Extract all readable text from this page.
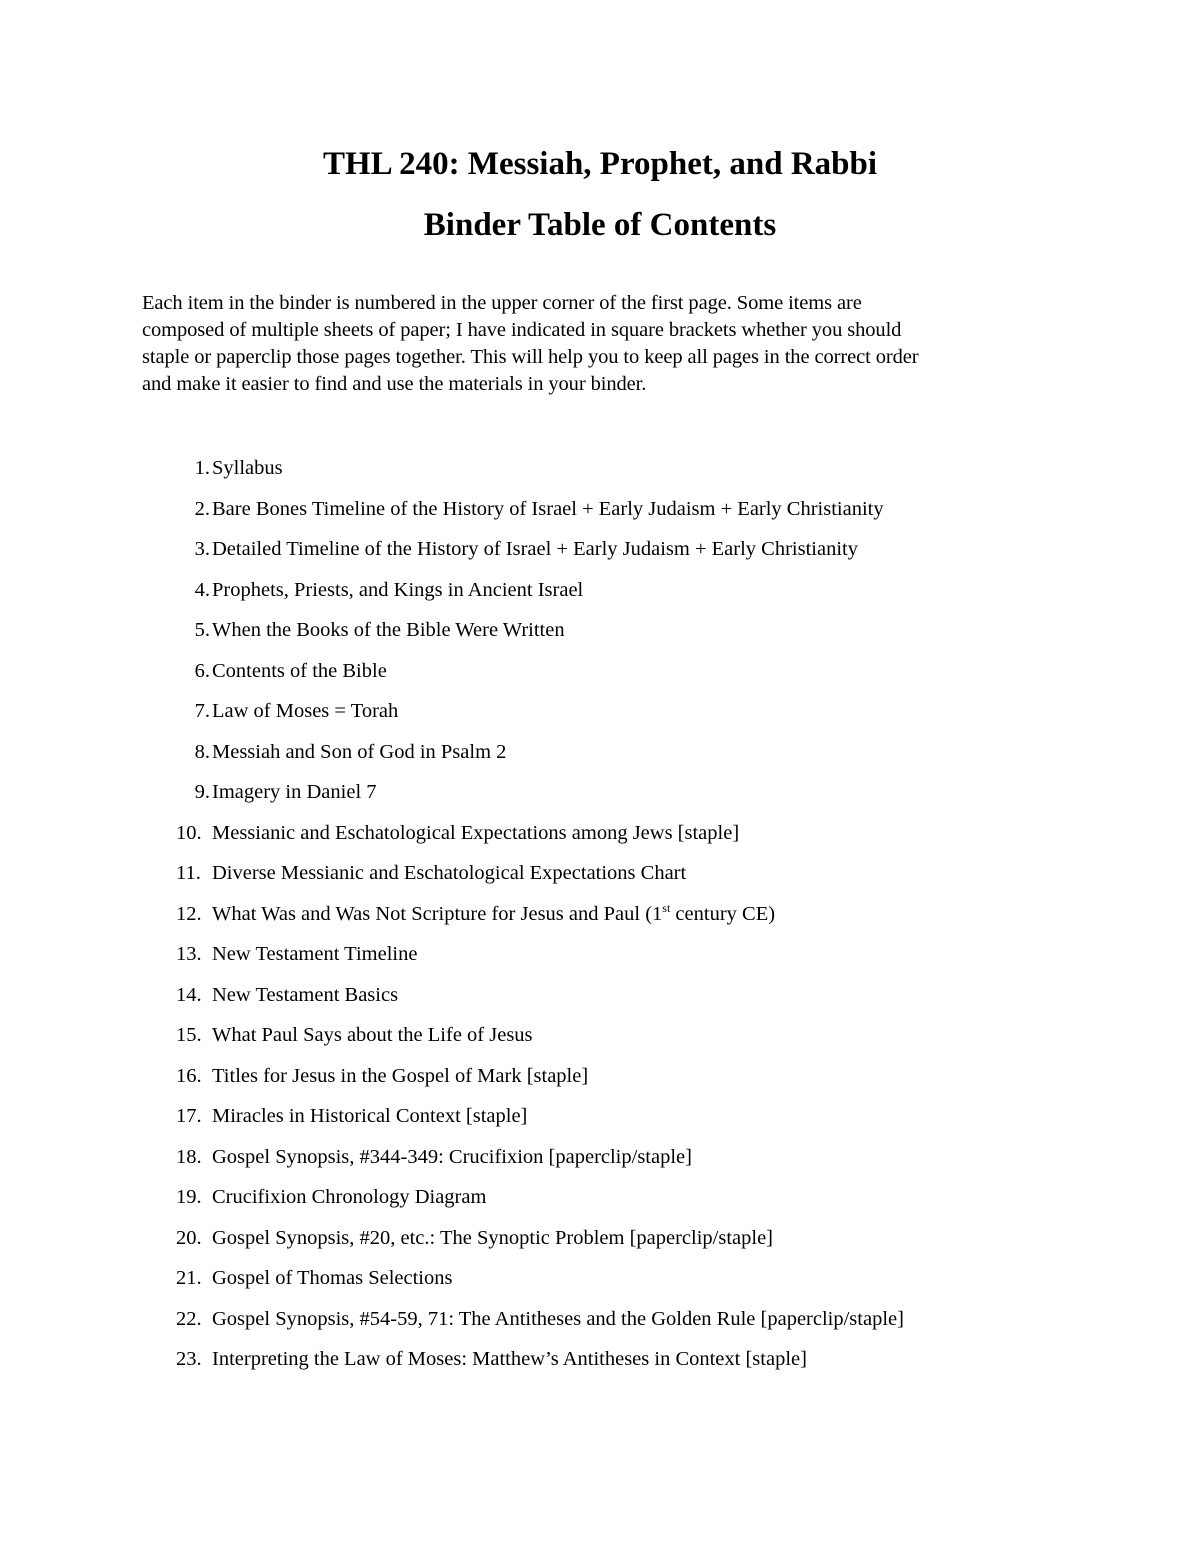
THL 240: Messiah, Prophet, and Rabbi
Binder Table of Contents

Each item in the binder is numbered in the upper corner of the first page. Some items are
composed of multiple sheets of paper; I have indicated in square brackets whether you should
staple or paperclip those pages together. This will help you to keep all pages in the correct order
and make it easier to find and use the materials in your binder.

1. Syllabus
2. Bare Bones Timeline of the History of Israel + Early Judaism + Early Christianity
3. Detailed Timeline of the History of Israel + Early Judaism + Early Christianity
4. Prophets, Priests, and Kings in Ancient Israel
5. When the Books of the Bible Were Written
6. Contents of the Bible
7. Law of Moses = Torah
8. Messiah and Son of God in Psalm 2
9. Imagery in Daniel 7
10. Messianic and Eschatological Expectations among Jews [staple]
11. Diverse Messianic and Eschatological Expectations Chart
12. What Was and Was Not Scripture for Jesus and Paul (1st century CE)
13. New Testament Timeline
14. New Testament Basics
15. What Paul Says about the Life of Jesus
16. Titles for Jesus in the Gospel of Mark [staple]
17. Miracles in Historical Context [staple]
18. Gospel Synopsis, #344-349: Crucifixion [paperclip/staple]
19. Crucifixion Chronology Diagram
20. Gospel Synopsis, #20, etc.: The Synoptic Problem [paperclip/staple]
21. Gospel of Thomas Selections
22. Gospel Synopsis, #54-59, 71: The Antitheses and the Golden Rule [paperclip/staple]
23. Interpreting the Law of Moses: Matthew’s Antitheses in Context [staple]
